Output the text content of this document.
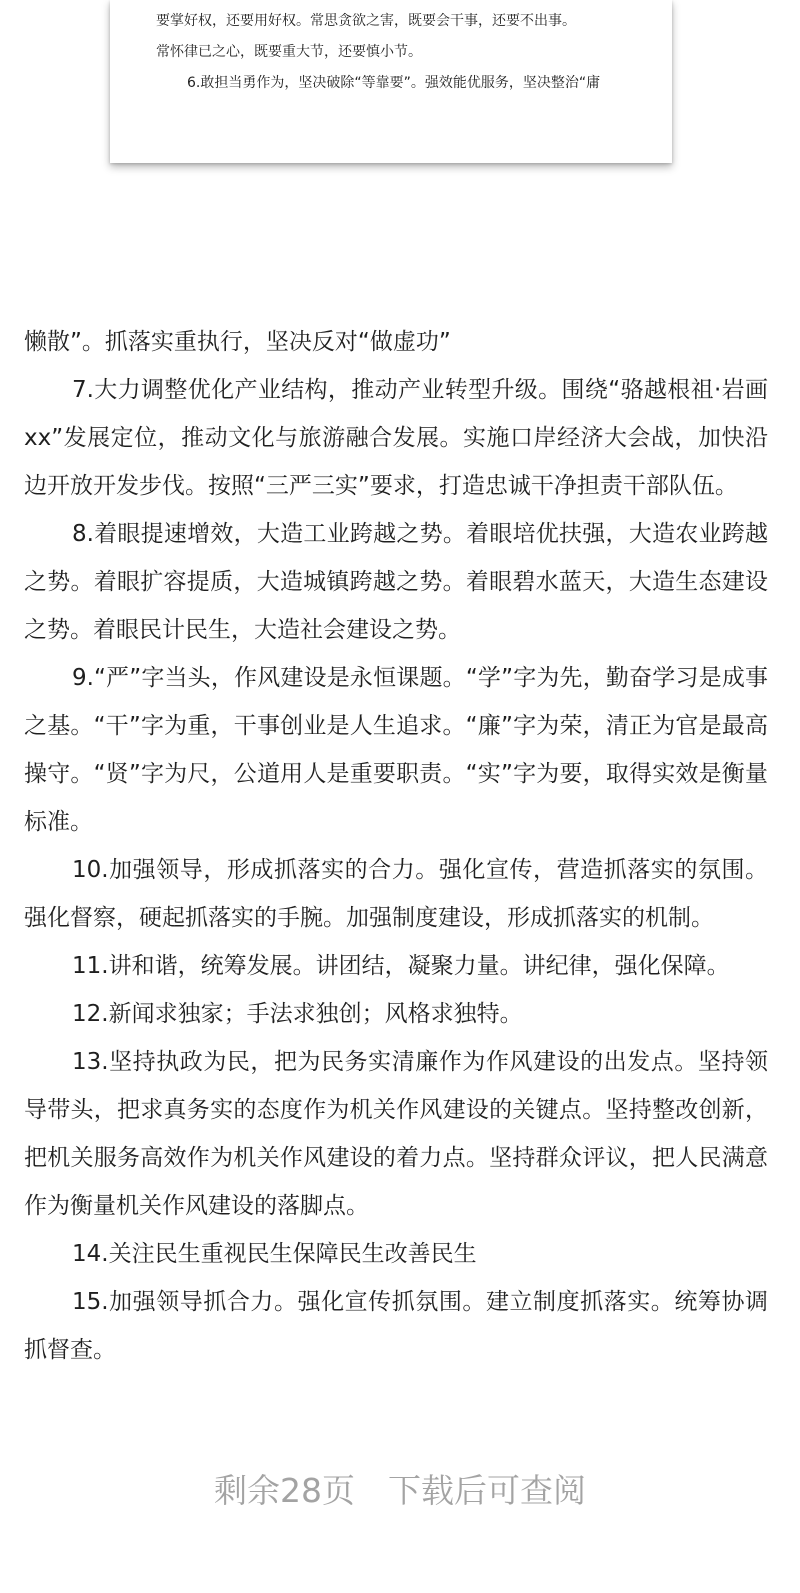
要掌好权，还要用好权。常思贪欲之害，既要会干事，还要不出事。
常怀律已之心，既要重大节，还要慎小节。
6.敢担当勇作为，坚决破除“等靠要”。强效能优服务，坚决整治“庸

懒散”。抓落实重执行，坚决反对“做虚功”

7.大力调整优化产业结构，推动产业转型升级。围绕“骆越根祖·岩画 xx”发展定位，推动文化与旅游融合发展。实施口岸经济大会战，加快沿边开放开发步伐。按照“三严三实”要求，打造忠诚干净担责干部队伍。

8.着眼提速增效，大造工业跨越之势。着眼培优扶强，大造农业跨越之势。着眼扩容提质，大造城镇跨越之势。着眼碧水蓝天，大造生态建设之势。着眼民计民生，大造社会建设之势。

9.“严”字当头，作风建设是永恒课题。“学”字为先，勤奋学习是成事之基。“干”字为重，干事创业是人生追求。“廉”字为荣，清正为官是最高操守。“贤”字为尺，公道用人是重要职责。“实”字为要，取得实效是衡量标准。

10.加强领导，形成抓落实的合力。强化宣传，营造抓落实的氛围。强化督察，硬起抓落实的手腕。加强制度建设，形成抓落实的机制。

11.讲和谐，统筹发展。讲团结，凝聚力量。讲纪律，强化保障。

12.新闻求独家；手法求独创；风格求独特。

13.坚持执政为民，把为民务实清廉作为作风建设的出发点。坚持领导带头，把求真务实的态度作为机关作风建设的关键点。坚持整改创新，把机关服务高效作为机关作风建设的着力点。坚持群众评议，把人民满意作为衡量机关作风建设的落脚点。

14.关注民生重视民生保障民生改善民生

15.加强领导抓合力。强化宣传抓氛围。建立制度抓落实。统筹协调抓督查。

剩余28页　下载后可查阅
